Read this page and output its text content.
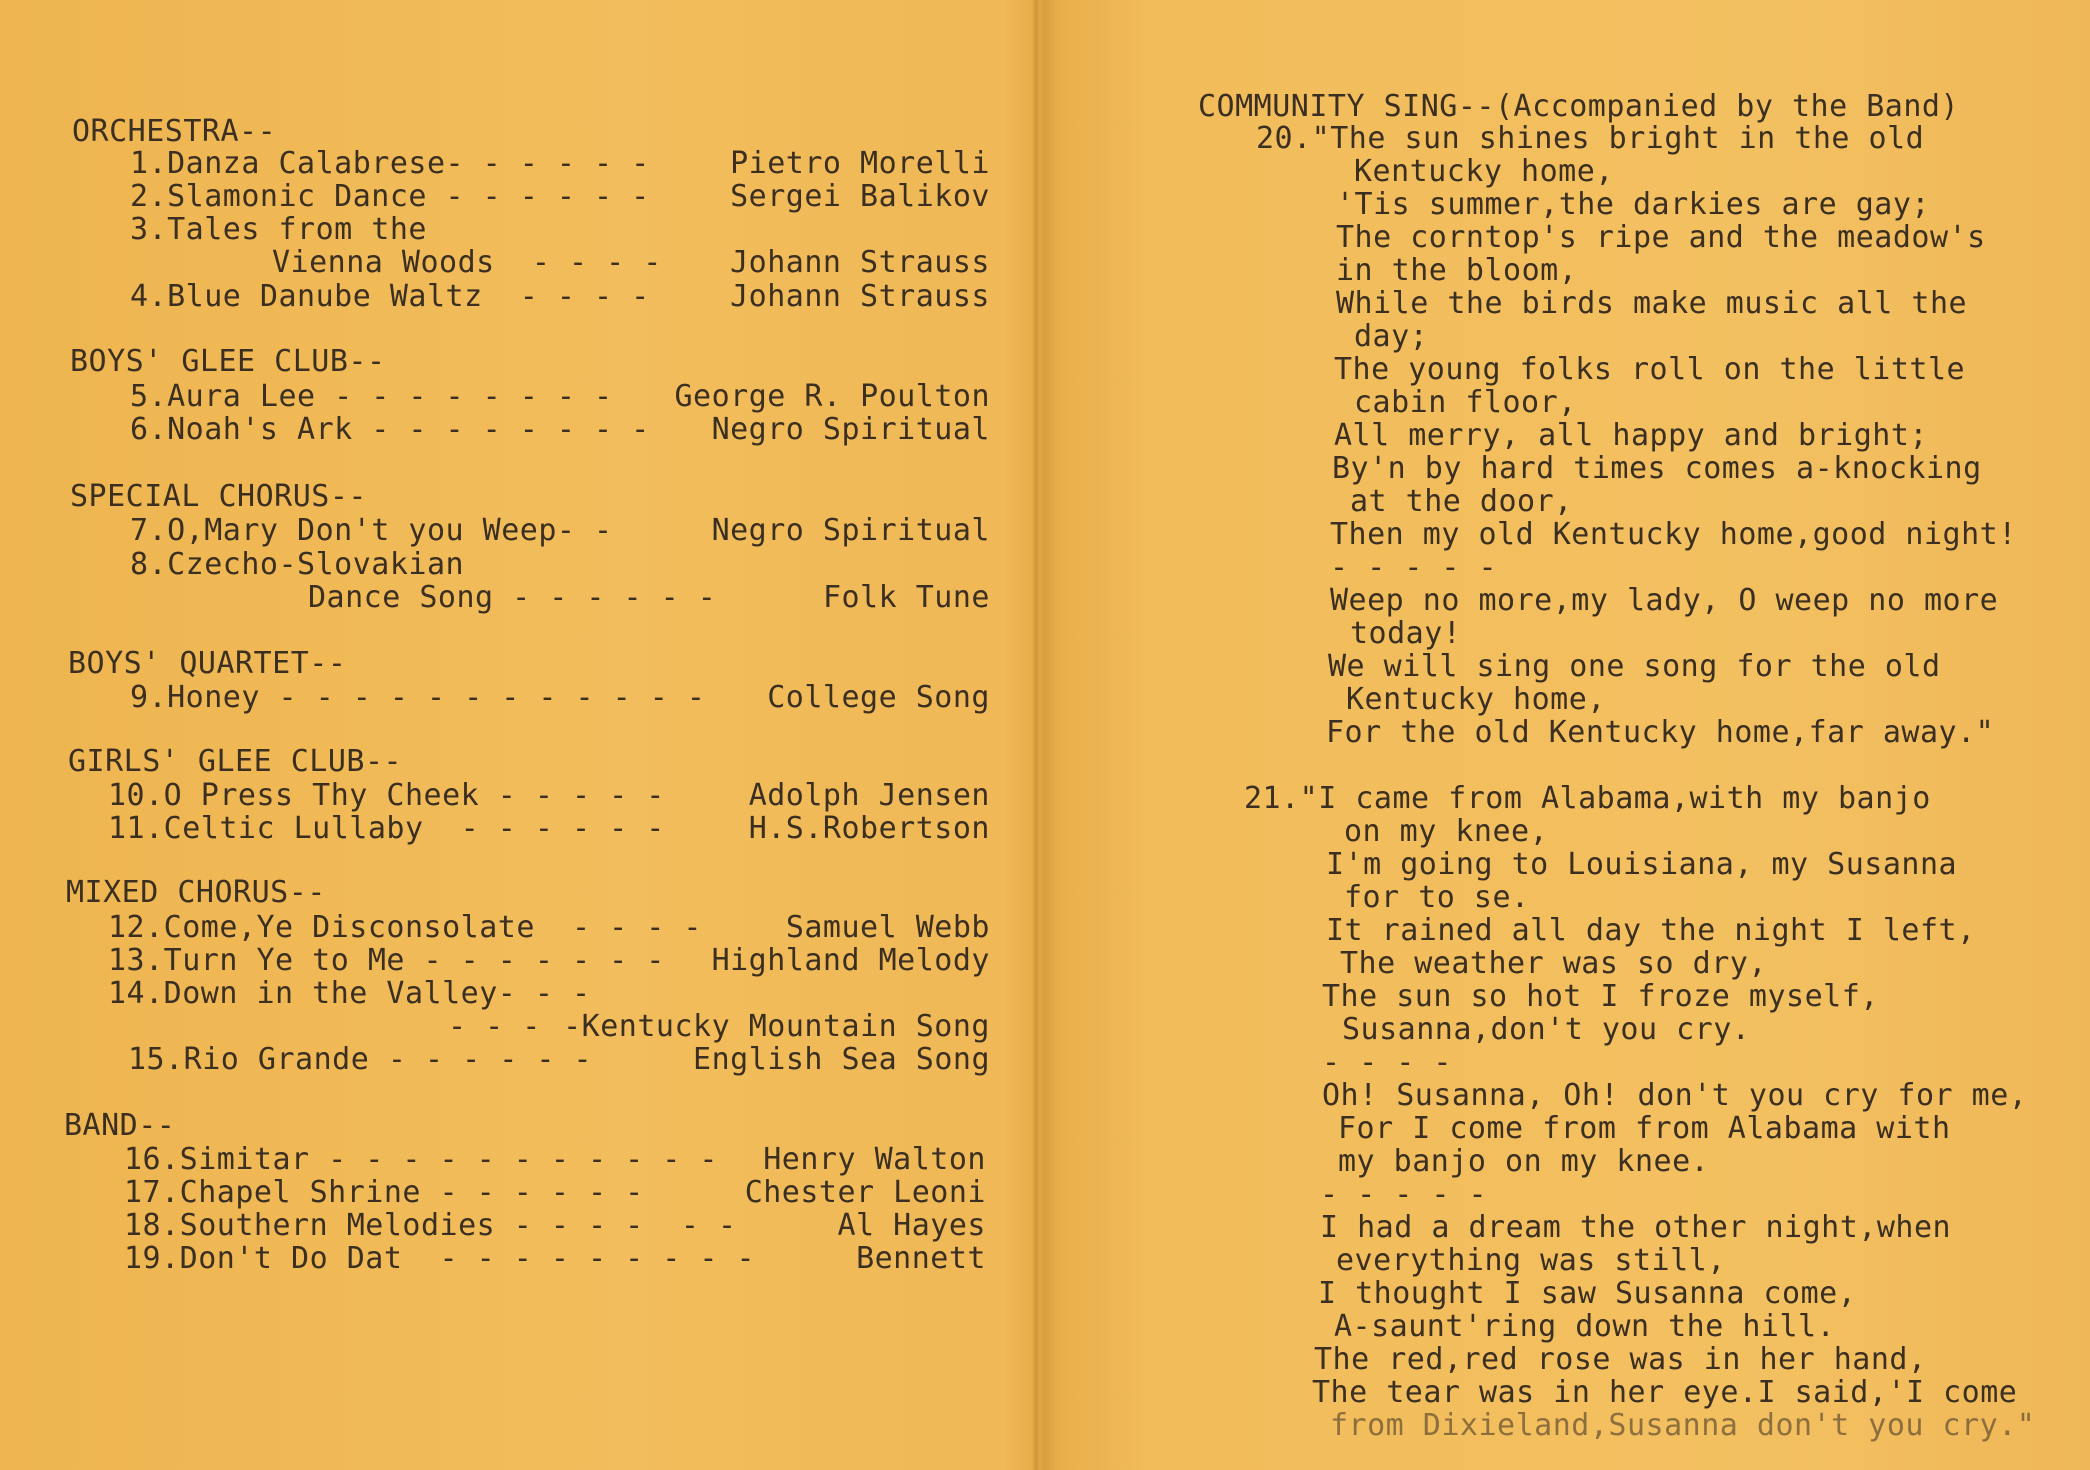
ORCHESTRA--
1.Danza Calabrese- - - - - -	Pietro Morelli
2.Slamonic Dance - - - - - -	Sergei Balikov
3.Tales from the
Vienna Woods  - - - - Johann Strauss
4.Blue Danube Waltz  - - - -	Johann Strauss
BOYS' GLEE CLUB--
5.Aura Lee - - - - - - - - George R. Poulton
6.Noah's Ark - - - - - - - - Negro Spiritual
SPECIAL CHORUS--
7.O,Mary Don't you Weep- -	Negro Spiritual
8.Czecho-Slovakian
Dance Song - - - - - -	Folk Tune
BOYS' QUARTET--
9.Honey - - - - - - - - - - - - College Song
GIRLS' GLEE CLUB--
10.O Press Thy Cheek - - - - -	Adolph Jensen
11.Celtic Lullaby  - - - - - -	H.S.Robertson
MIXED CHORUS--
12.Come,Ye Disconsolate  - - - -	Samuel Webb
13.Turn Ye to Me - - - - - - - Highland Melody
14.Down in the Valley- - -
- - - -Kentucky Mountain Song
15.Rio Grande - - - - - -	English Sea Song
BAND--
16.Simitar - - - - - - - - - - - Henry Walton
17.Chapel Shrine - - - - - -	Chester Leoni
18.Southern Melodies - - - -  - -	Al Hayes
19.Don't Do Dat  - - - - - - - - -	Bennett
COMMUNITY SING--(Accompanied by the Band)
20."The sun shines bright in the old
Kentucky home,
'Tis summer,the darkies are gay;
The corntop's ripe and the meadow's
in the bloom,
While the birds make music all the
day;
The young folks roll on the little
cabin floor,
All merry, all happy and bright;
By'n by hard times comes a-knocking
at the door,
Then my old Kentucky home,good night!
- - - - -
Weep no more,my lady, O weep no more
today!
We will sing one song for the old
Kentucky home,
For the old Kentucky home,far away."
21."I came from Alabama,with my banjo
on my knee,
I'm going to Louisiana, my Susanna
for to se.
It rained all day the night I left,
The weather was so dry,
The sun so hot I froze myself,
Susanna,don't you cry.
- - - -
Oh! Susanna, Oh! don't you cry for me,
For I come from from Alabama with
my banjo on my knee.
- - - - -
I had a dream the other night,when
everything was still,
I thought I saw Susanna come,
A-saunt'ring down the hill.
The red,red rose was in her hand,
The tear was in her eye.I said,'I come
from Dixieland,Susanna don't you cry."
